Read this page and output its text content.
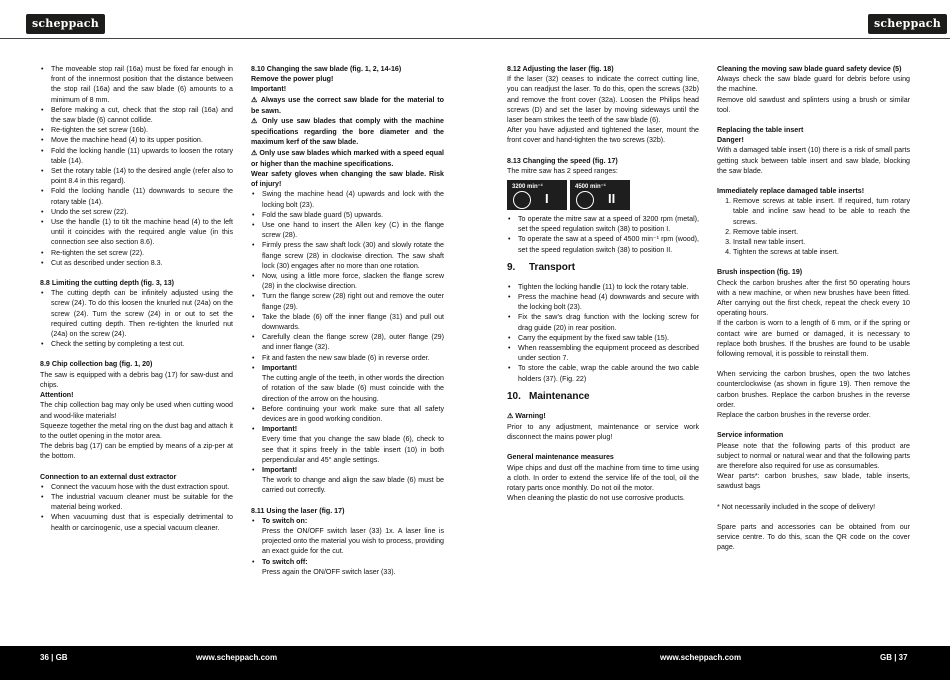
scheppach	scheppach
• The moveable stop rail (16a) must be fixed far enough in front of the innermost position that the distance between the stop rail (16a) and the saw blade (6) amounts to a minimum of 8 mm.
• Before making a cut, check that the stop rail (16a) and the saw blade (6) cannot collide.
• Re-tighten the set screw (16b).
• Move the machine head (4) to its upper position.
• Fold the locking handle (11) upwards to loosen the rotary table (14).
• Set the rotary table (14) to the desired angle (refer also to point 8.4 in this regard).
• Fold the locking handle (11) downwards to secure the rotary table (14).
• Undo the set screw (22).
• Use the handle (1) to tilt the machine head (4) to the left until it coincides with the required angle value (in this connection see also section 8.6).
• Re-tighten the set screw (22).
• Cut as described under section 8.3.

8.8 Limiting the cutting depth (fig. 3, 13)

• The cutting depth can be infinitely adjusted using the screw (24). To do this loosen the knurled nut (24a) on the screw (24). Turn the screw (24) in or out to set the required cutting depth. Then re-tighten the knurled nut (24a) on the screw (24).
• Check the setting by completing a test cut.

8.9 Chip collection bag (fig. 1, 20)

The saw is equipped with a debris bag (17) for saw-dust and chips.

Attention!

The chip collection bag may only be used when cutting wood and wood-like materials!

Squeeze together the metal ring on the dust bag and attach it to the outlet opening in the motor area.

The debris bag (17) can be emptied by means of a zip-per at the bottom.

Connection to an external dust extractor

• Connect the vacuum hose with the dust extraction spout.
• The industrial vacuum cleaner must be suitable for the material being worked.
• When vacuuming dust that is especially detrimental to health or carcinogenic, use a special vacuum cleaner.

8.10 Changing the saw blade (fig. 1, 2, 14-16)

Remove the power plug!

Important!

⚠ Always use the correct saw blade for the material to be sawn.

⚠ Only use saw blades that comply with the machine specifications regarding the bore diameter and the maximum kerf of the saw blade.

⚠ Only use saw blades which marked with a speed equal or higher than the machine specifications.

Wear safety gloves when changing the saw blade. Risk of injury!

• Swing the machine head (4) upwards and lock with the locking bolt (23).
• Fold the saw blade guard (5) upwards.
• Use one hand to insert the Allen key (C) in the flange screw (28).
• Firmly press the saw shaft lock (30) and slowly rotate the flange screw (28) in clockwise direction. The saw shaft lock (30) engages after no more than one rotation.
• Now, using a little more force, slacken the flange screw (28) in the clockwise direction.
• Turn the flange screw (28) right out and remove the outer flange (29).
• Take the blade (6) off the inner flange (31) and pull out downwards.
• Carefully clean the flange screw (28), outer flange (29) and inner flange (32).
• Fit and fasten the new saw blade (6) in reverse order.
• Important!
The cutting angle of the teeth, in other words the direction of rotation of the saw blade (6) must coincide with the direction of the arrow on the housing.
• Before continuing your work make sure that all safety devices are in good working condition.
• Important!
Every time that you change the saw blade (6), check to see that it spins freely in the table insert (10) in both perpendicular and 45° angle settings.
• Important!
The work to change and align the saw blade (6) must be carried out correctly.

8.11 Using the laser (fig. 17)

• To switch on:
Press the ON/OFF switch laser (33) 1x. A laser line is projected onto the material you wish to process, providing an exact guide for the cut.
• To switch off:
Press again the ON/OFF switch laser (33).

8.12 Adjusting the laser (fig. 18)

If the laser (32) ceases to indicate the correct cutting line, you can readjust the laser. To do this, open the screws (32b) and remove the front cover (32a). Loosen the Philips head screws (D) and set the laser by moving sideways until the laser beam strikes the teeth of the saw blade (6).

After you have adjusted and tightened the laser, mount the front cover and hand-tighten the two screws (32b).

8.13 Changing the speed (fig. 17)

The mitre saw has 2 speed ranges:

3200 min⁻¹
I
4500 min⁻¹
II
• To operate the mitre saw at a speed of 3200 rpm (metal), set the speed regulation switch (38) to position I.
• To operate the saw at a speed of 4500 min⁻¹ rpm (wood), set the speed regulation switch (38) to position II.
9. Transport
• Tighten the locking handle (11) to lock the rotary table.
• Press the machine head (4) downwards and secure with the locking bolt (23).
• Fix the saw’s drag function with the locking screw for drag guide (20) in rear position.
• Carry the equipment by the fixed saw table (15).
• When reassembling the equipment proceed as described under section 7.
• To store the cable, wrap the cable around the two cable holders (37). (Fig. 22)
10. Maintenance

⚠ Warning!

Prior to any adjustment, maintenance or service work disconnect the mains power plug!

General maintenance measures

Wipe chips and dust off the machine from time to time using a cloth. In order to extend the service life of the tool, oil the rotary parts once monthly. Do not oil the motor.

When cleaning the plastic do not use corrosive products.

Cleaning the moving saw blade guard safety device (5)

Always check the saw blade guard for debris before using the machine.

Remove old sawdust and splinters using a brush or similar tool.

Replacing the table insert

Danger!

With a damaged table insert (10) there is a risk of small parts getting stuck between table insert and saw blade, blocking the saw blade.

Immediately replace damaged table inserts!

1. Remove screws at table insert. If required, turn rotary table and incline saw head to be able to reach the screws.
2. Remove table insert.
3. Install new table insert.
4. Tighten the screws at table insert.

Brush inspection (fig. 19)

Check the carbon brushes after the first 50 operating hours with a new machine, or when new brushes have been fitted. After carrying out the first check, repeat the check every 10 operating hours.

If the carbon is worn to a length of 6 mm, or if the spring or contact wire are burned or damaged, it is necessary to replace both brushes. If the brushes are found to be usable following removal, it is possible to reinstall them.

When servicing the carbon brushes, open the two latches counterclockwise (as shown in figure 19). Then remove the carbon brushes. Replace the carbon brushes in the reverse order.

Replace the carbon brushes in the reverse order.

Service information

Please note that the following parts of this product are subject to normal or natural wear and that the following parts are therefore also required for use as consumables.

Wear parts*: carbon brushes, saw blade, table inserts, sawdust bags

* Not necessarily included in the scope of delivery!

Spare parts and accessories can be obtained from our service centre. To do this, scan the QR code on the cover page.

36 | GB	www.scheppach.com	www.scheppach.com	GB | 37
